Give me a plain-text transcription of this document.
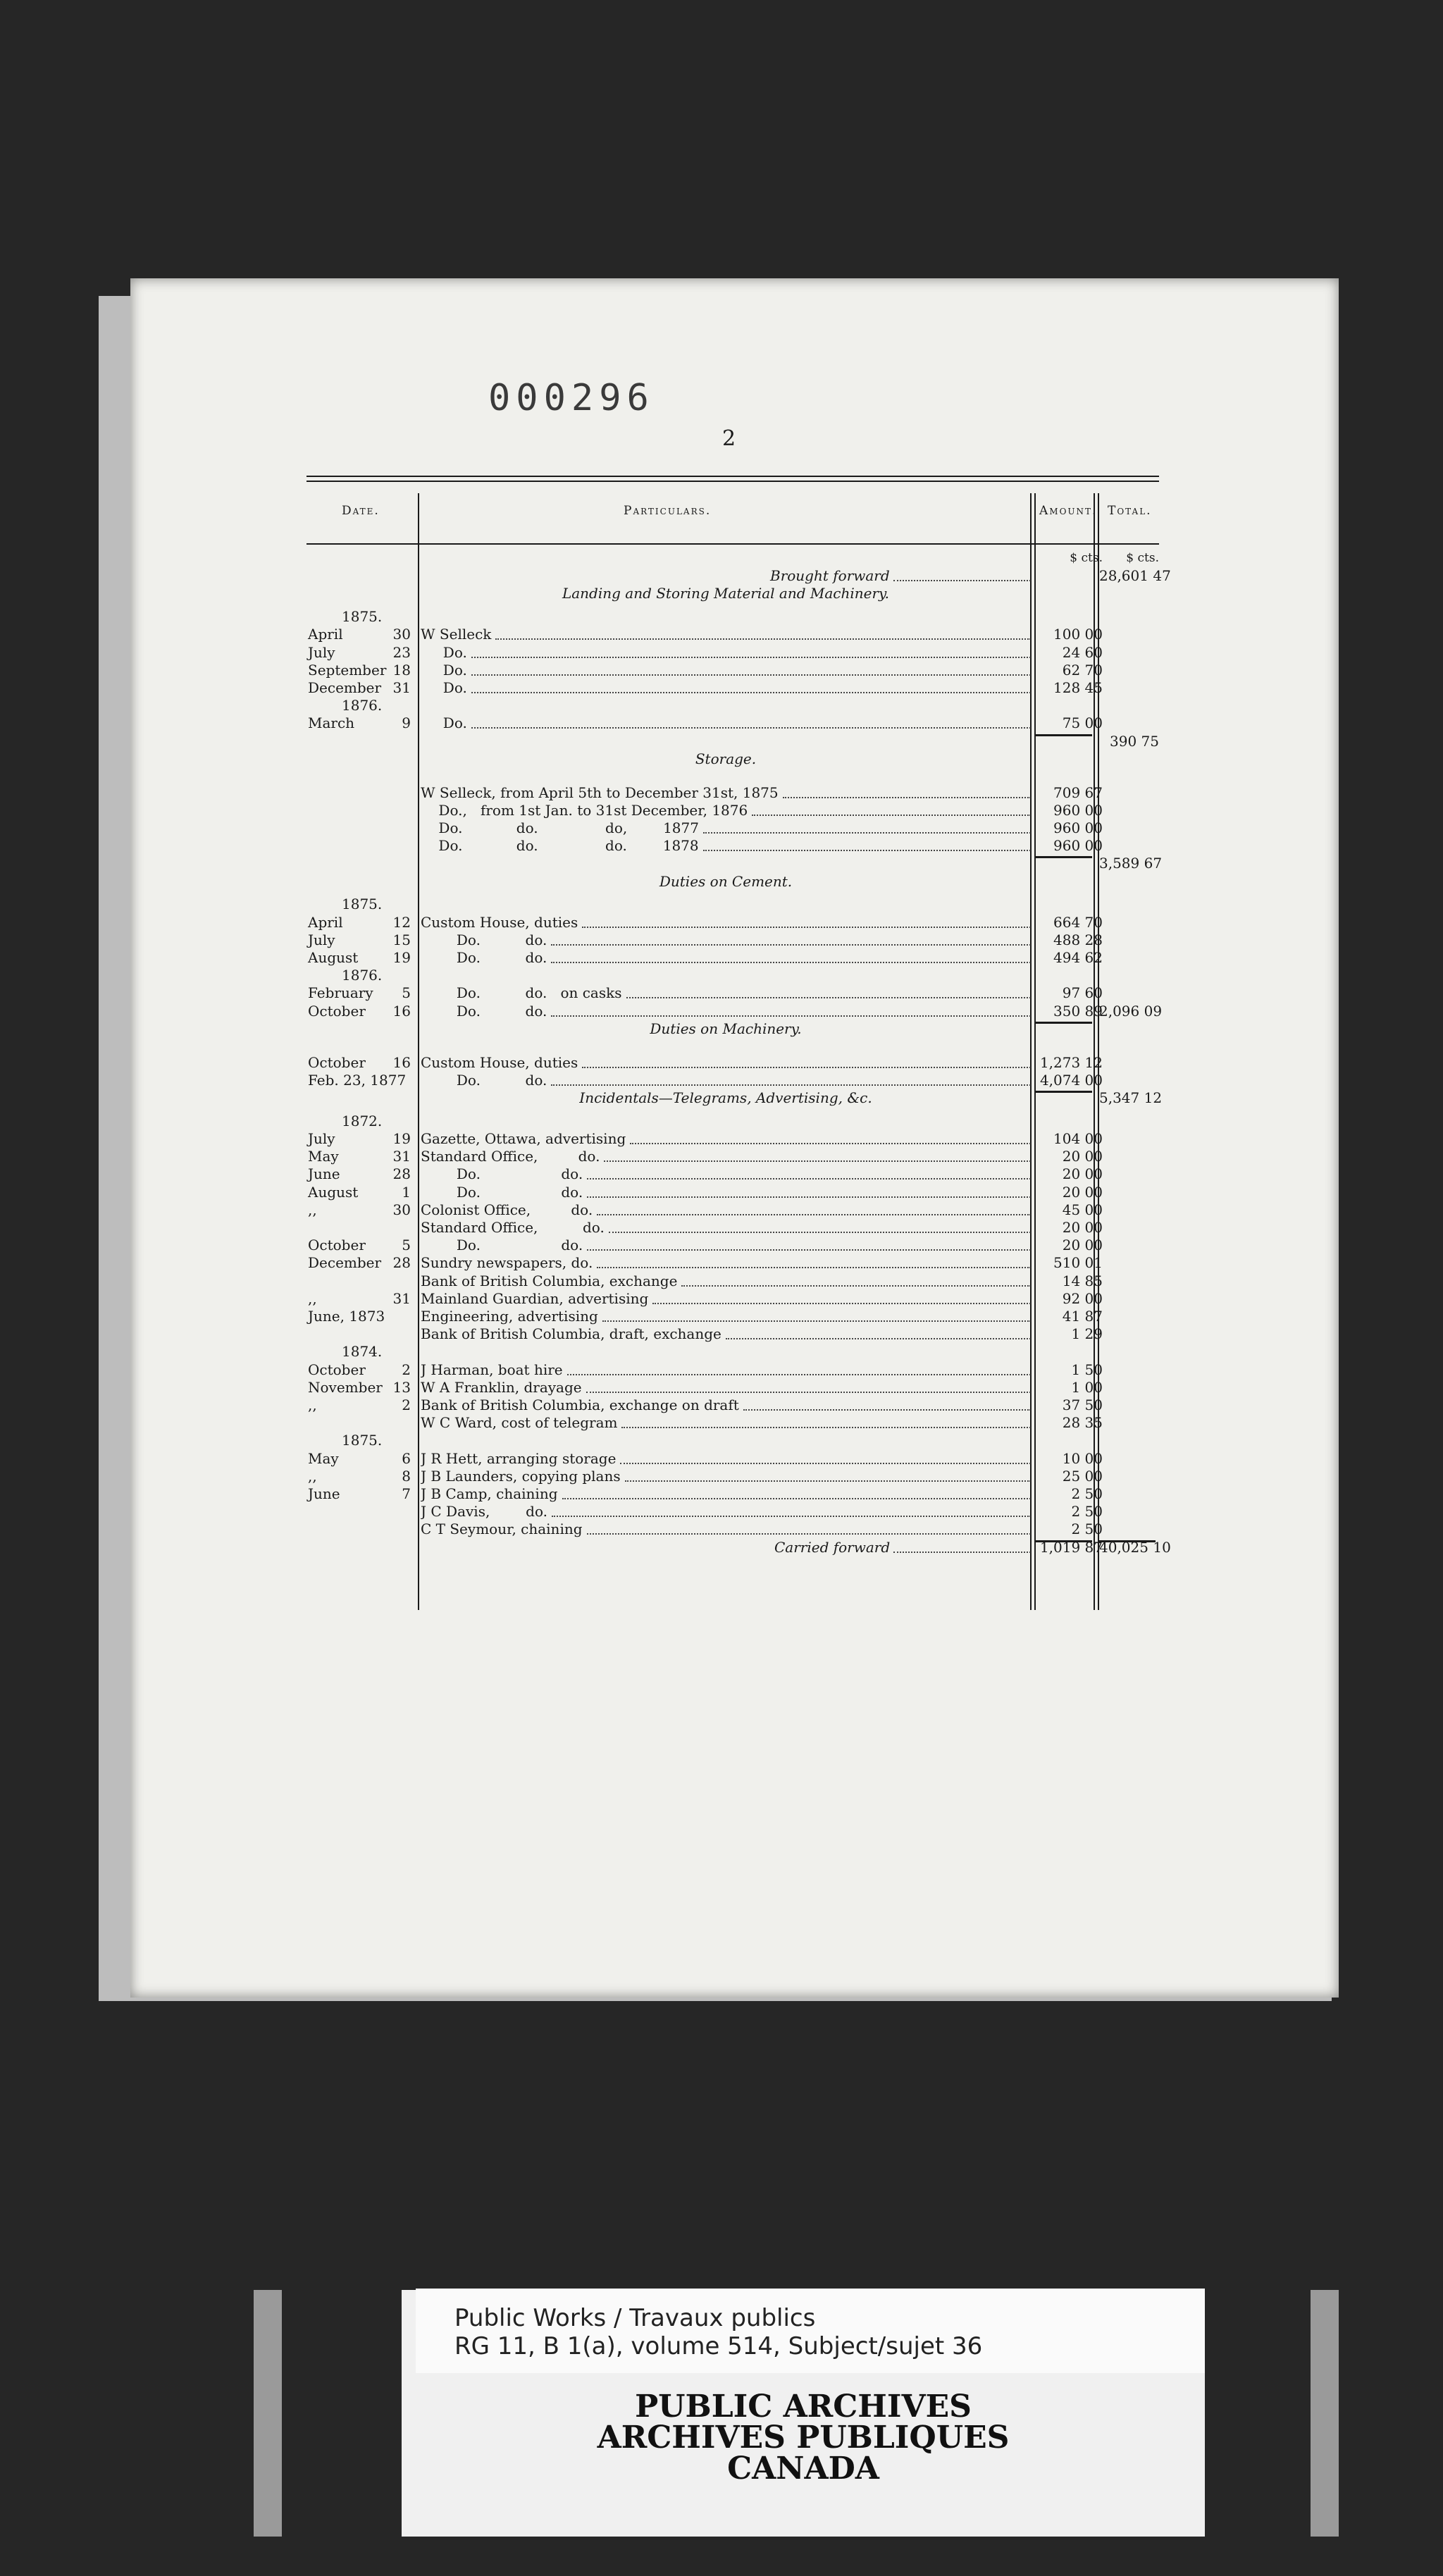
000296
2
Date.	Particulars.	Amount. Total.
$ cts.	$ cts.
Brought forward	28,601 47
Landing and Storing Material and Machinery.
1875.
April	30 W Selleck	100 00
July	23 Do.	24 60
September 18 Do.	62 70
December 31 Do.	128 45
1876.
March	9 Do.	75 00
390 75
Storage.
W Selleck, from April 5th to December 31st, 1875	709 67
Do.,   from 1st Jan. to 31st December, 1876	960 00
Do.            do.               do,        1877	960 00
Do.            do.               do.        1878	960 00
3,589 67
Duties on Cement.
1875.
April	12 Custom House, duties	664 70
July	15 Do.          do.	488 28
August 19 Do.          do.	494 62
1876.
February 5 Do.          do.   on casks	97 60
October 16 Do.          do.	350 89
2,096 09
Duties on Machinery.
October 16 Custom House, duties	1,273 12
Feb. 23, 1877 Do.          do.	4,074 00
Incidentals—Telegrams, Advertising, &c.	5,347 12
1872.
July	19 Gazette, Ottawa, advertising	104 00
May	31 Standard Office,         do.	20 00
June	28 Do.                  do.	20 00
August	1 Do.                  do.	20 00
,,	30 Colonist Office,         do.	45 00
Standard Office,          do.	20 00
October	5 Do.                  do.	20 00
December 28 Sundry newspapers, do.	510 01
Bank of British Columbia, exchange	14 85
,,	31 Mainland Guardian, advertising	92 00
June, 1873	Engineering, advertising	41 87
Bank of British Columbia, draft, exchange	1 29
1874.
October	2 J Harman, boat hire	1 50
November 13 W A Franklin, drayage	1 00
,,	2 Bank of British Columbia, exchange on draft	37 50
W C Ward, cost of telegram	28 35
1875.
May	6 J R Hett, arranging storage	10 00
,,	8 J B Launders, copying plans	25 00
June	7 J B Camp, chaining	2 50
J C Davis,        do.	2 50
C T Seymour, chaining	2 50
Carried forward	1,019 87
40,025 10
Public Works / Travaux publics
RG 11, B 1(a), volume 514, Subject/sujet 36
PUBLIC ARCHIVES
ARCHIVES PUBLIQUES
CANADA
